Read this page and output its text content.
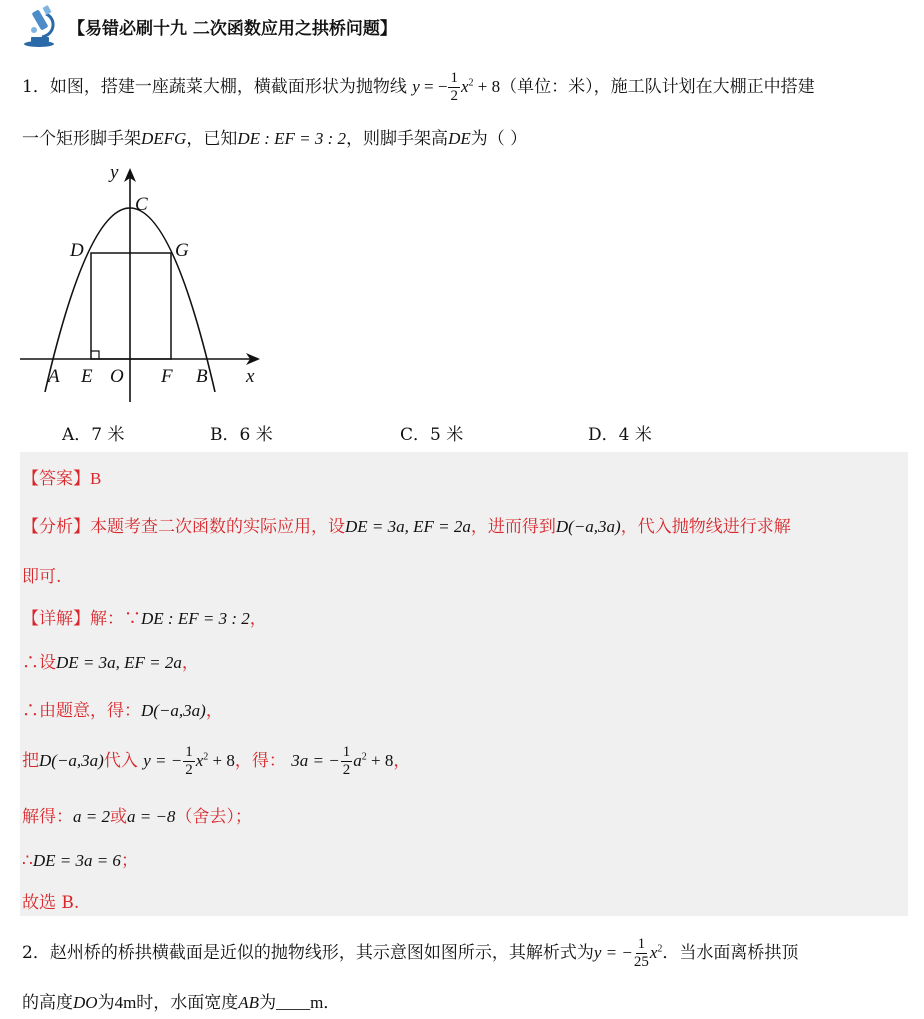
【易错必刷十九 二次函数应用之拱桥问题】
1．如图，搭建一座蔬菜大棚，横截面形状为抛物线 y = − $\frac{1}{2} x^2 + 8$（单位：米），施工队计划在大棚正中搭建
一个矩形脚手架DEFG，已知DE : EF = 3 : 2，则脚手架高DE为（ ）
y
x
C
D	G
A E O F B
A．7 米	B．6 米	C．5 米	D．4 米
【答案】B
【分析】本题考查二次函数的实际应用，设DE = 3a, EF = 2a，进而得到D(−a,3a)，代入抛物线进行求解
即可.
【详解】解：∵DE : EF = 3 : 2，
∴设DE = 3a, EF = 2a，
∴由题意，得：D(−a,3a)，
把D(−a,3a)代入 y = − $\frac{1}{2} x^2 + 8$，得： 3a = − $\frac{1}{2} a^2 + 8$，
解得：a = 2或a = −8（舍去）；
∴DE = 3a = 6；
故选 B.
2．赵州桥的桥拱横截面是近似的抛物线形，其示意图如图所示，其解析式为y = − $\frac{1}{25} x^2$．当水面离桥拱顶
的高度DO为4m时，水面宽度AB为____m．
